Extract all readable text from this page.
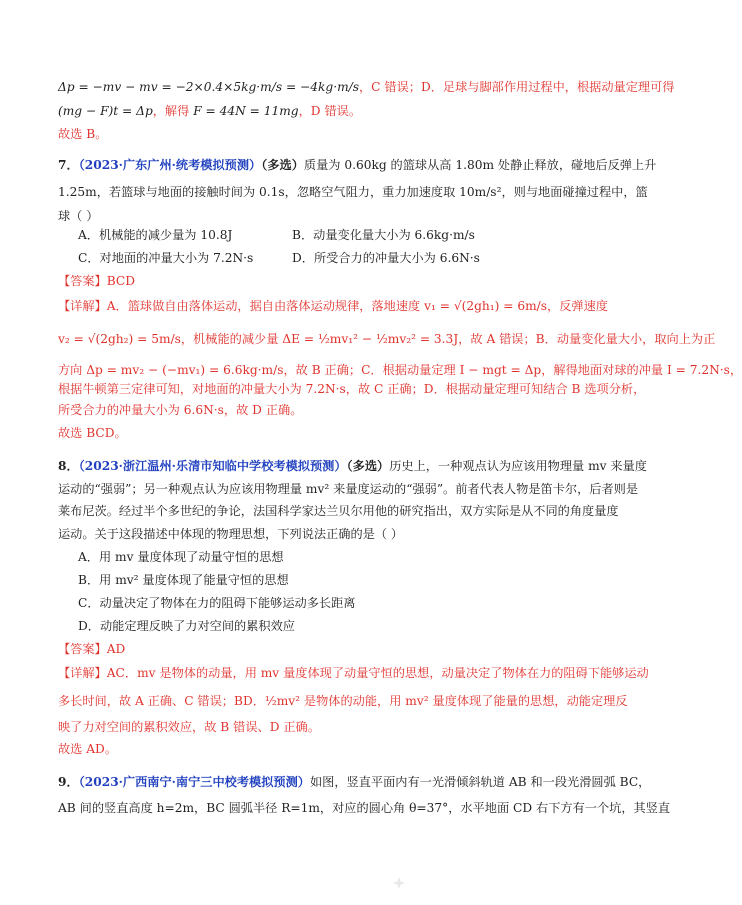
Δp = −mv − mv = −2×0.4×5kg·m/s = −4kg·m/s，C 错误；D．足球与脚部作用过程中，根据动量定理可得
(mg − F)t = Δp，解得 F = 44N = 11mg，D 错误。
故选 B。
7．（2023·广东广州·统考模拟预测）（多选）质量为 0.60kg 的篮球从高 1.80m 处静止释放，碰地后反弹上升
1.25m，若篮球与地面的接触时间为 0.1s，忽略空气阻力，重力加速度取 10m/s²，则与地面碰撞过程中，篮
球（ ）
A．机械能的减少量为 10.8J	B．动量变化量大小为 6.6kg·m/s
C．对地面的冲量大小为 7.2N·s	D．所受合力的冲量大小为 6.6N·s
【答案】BCD
【详解】A．篮球做自由落体运动，据自由落体运动规律，落地速度 v₁ = √(2gh₁) = 6m/s，反弹速度
v₂ = √(2gh₂) = 5m/s，机械能的减少量 ΔE = ½mv₁² − ½mv₂² = 3.3J，故 A 错误；B．动量变化量大小，取向上为正
方向 Δp = mv₂ − (−mv₁) = 6.6kg·m/s，故 B 正确；C．根据动量定理 I − mgt = Δp，解得地面对球的冲量 I = 7.2N·s，
根据牛顿第三定律可知，对地面的冲量大小为 7.2N·s，故 C 正确；D．根据动量定理可知结合 B 选项分析，
所受合力的冲量大小为 6.6N·s，故 D 正确。
故选 BCD。
8．（2023·浙江温州·乐清市知临中学校考模拟预测）（多选）历史上，一种观点认为应该用物理量 mv 来量度
运动的“强弱”；另一种观点认为应该用物理量 mv² 来量度运动的“强弱”。前者代表人物是笛卡尔，后者则是
莱布尼茨。经过半个多世纪的争论，法国科学家达兰贝尔用他的研究指出，双方实际是从不同的角度量度
运动。关于这段描述中体现的物理思想，下列说法正确的是（ ）
A．用 mv 量度体现了动量守恒的思想
B．用 mv² 量度体现了能量守恒的思想
C．动量决定了物体在力的阻碍下能够运动多长距离
D．动能定理反映了力对空间的累积效应
【答案】AD
【详解】AC．mv 是物体的动量，用 mv 量度体现了动量守恒的思想，动量决定了物体在力的阻碍下能够运动
多长时间，故 A 正确、C 错误；BD．½mv² 是物体的动能，用 mv² 量度体现了能量的思想，动能定理反
映了力对空间的累积效应，故 B 错误、D 正确。
故选 AD。
9．（2023·广西南宁·南宁三中校考模拟预测）如图，竖直平面内有一光滑倾斜轨道 AB 和一段光滑圆弧 BC，
AB 间的竖直高度 h=2m，BC 圆弧半径 R=1m，对应的圆心角 θ=37°，水平地面 CD 右下方有一个坑，其竖直
